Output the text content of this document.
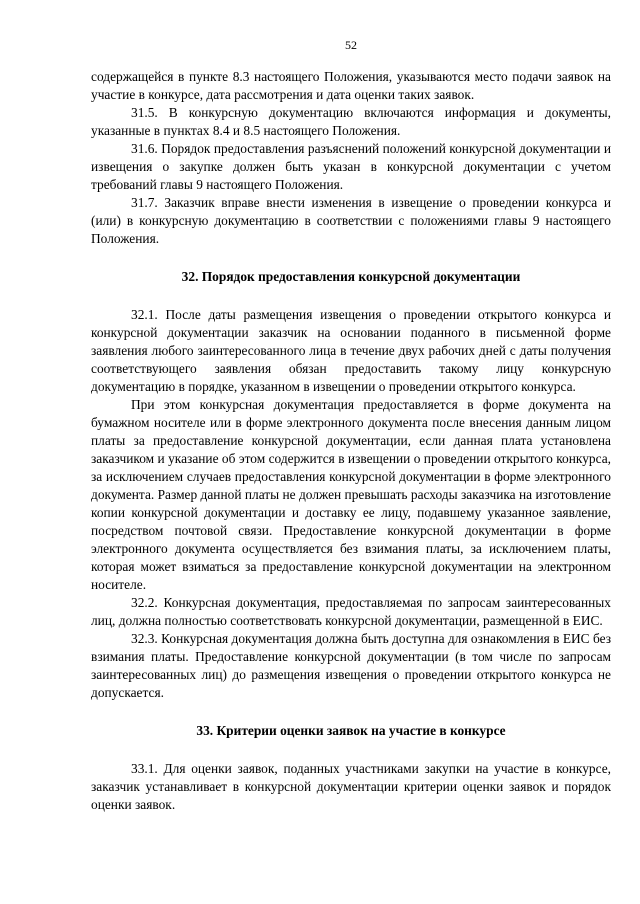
52

содержащейся в пункте 8.3 настоящего Положения, указываются место подачи заявок на участие в конкурсе, дата рассмотрения и дата оценки таких заявок.

31.5. В конкурсную документацию включаются информация и документы, указанные в пунктах 8.4 и 8.5 настоящего Положения.

31.6. Порядок предоставления разъяснений положений конкурсной документации и извещения о закупке должен быть указан в конкурсной документации с учетом требований главы 9 настоящего Положения.

31.7. Заказчик вправе внести изменения в извещение о проведении конкурса и (или) в конкурсную документацию в соответствии с положениями главы 9 настоящего Положения.

32. Порядок предоставления конкурсной документации

32.1. После даты размещения извещения о проведении открытого конкурса и конкурсной документации заказчик на основании поданного в письменной форме заявления любого заинтересованного лица в течение двух рабочих дней с даты получения соответствующего заявления обязан предоставить такому лицу конкурсную документацию в порядке, указанном в извещении о проведении открытого конкурса.

При этом конкурсная документация предоставляется в форме документа на бумажном носителе или в форме электронного документа после внесения данным лицом платы за предоставление конкурсной документации, если данная плата установлена заказчиком и указание об этом содержится в извещении о проведении открытого конкурса, за исключением случаев предоставления конкурсной документации в форме электронного документа. Размер данной платы не должен превышать расходы заказчика на изготовление копии конкурсной документации и доставку ее лицу, подавшему указанное заявление, посредством почтовой связи. Предоставление конкурсной документации в форме электронного документа осуществляется без взимания платы, за исключением платы, которая может взиматься за предоставление конкурсной документации на электронном носителе.

32.2. Конкурсная документация, предоставляемая по запросам заинтересованных лиц, должна полностью соответствовать конкурсной документации, размещенной в ЕИС.

32.3. Конкурсная документация должна быть доступна для ознакомления в ЕИС без взимания платы. Предоставление конкурсной документации (в том числе по запросам заинтересованных лиц) до размещения извещения о проведении открытого конкурса не допускается.

33. Критерии оценки заявок на участие в конкурсе

33.1. Для оценки заявок, поданных участниками закупки на участие в конкурсе, заказчик устанавливает в конкурсной документации критерии оценки заявок и порядок оценки заявок.
